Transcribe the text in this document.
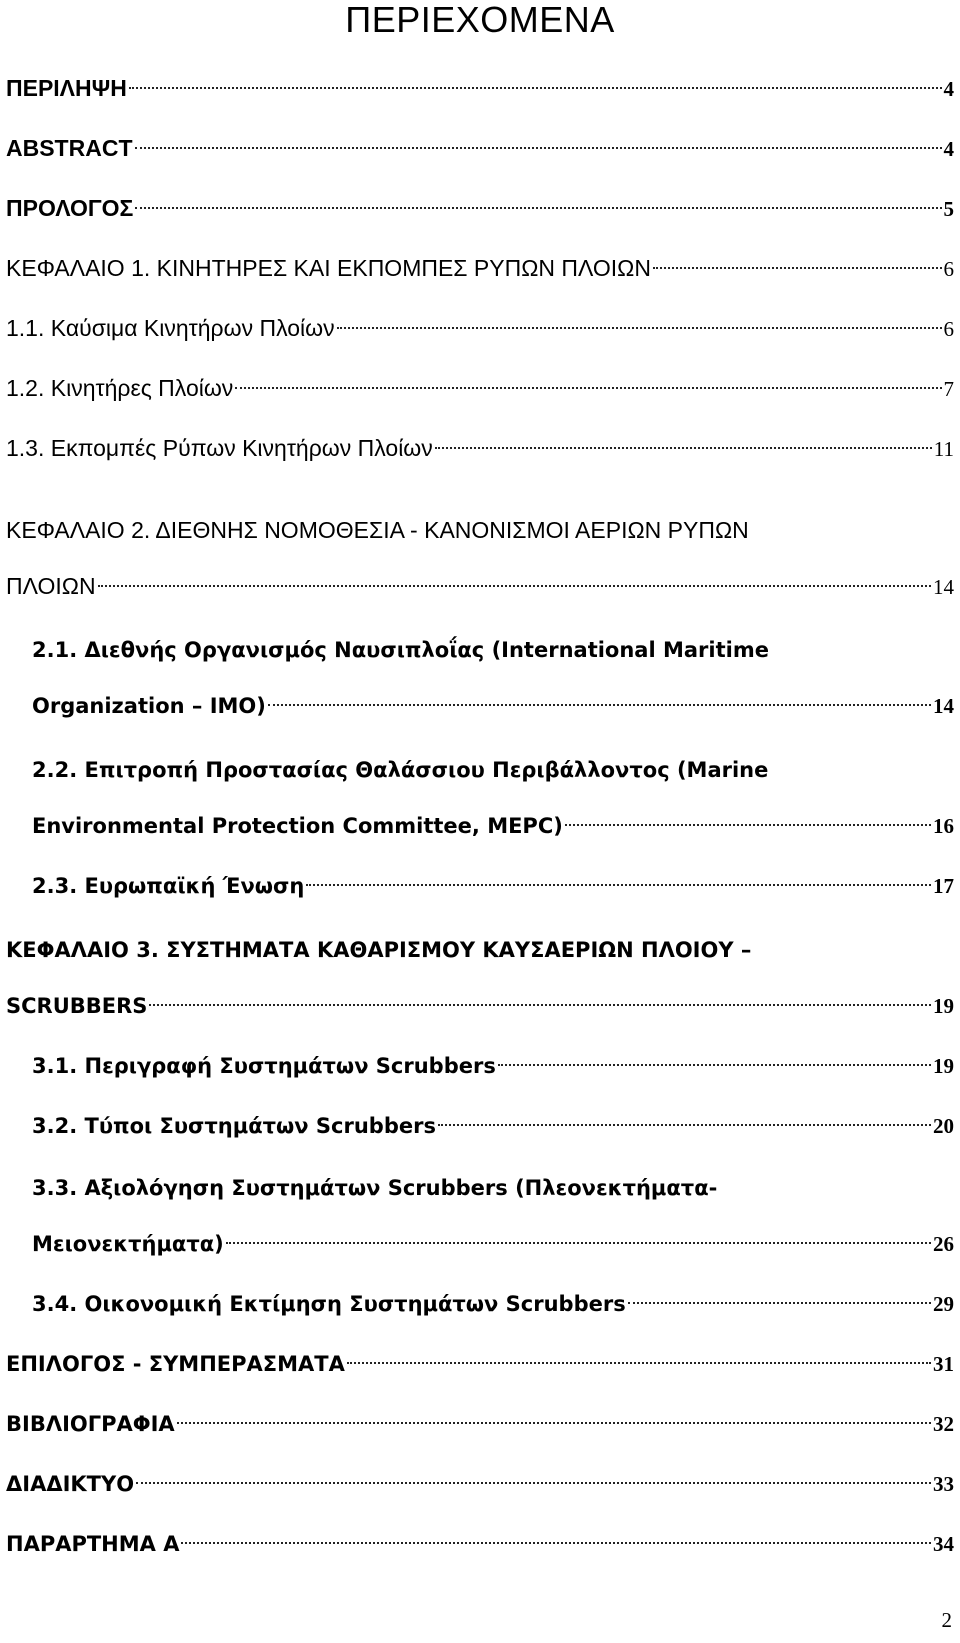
ΠΕΡΙΕΧΟΜΕΝΑ
ΠΕΡΙΛΗΨΗ	4
ABSTRACT	4
ΠΡΟΛΟΓΟΣ	5
ΚΕΦΑΛΑΙΟ 1. ΚΙΝΗΤΗΡΕΣ ΚΑΙ ΕΚΠΟΜΠΕΣ ΡΥΠΩΝ ΠΛΟΙΩΝ	6
1.1. Καύσιμα Κινητήρων Πλοίων	6
1.2. Κινητήρες Πλοίων	7
1.3. Εκπομπές Ρύπων Κινητήρων Πλοίων	11
ΚΕΦΑΛΑΙΟ 2. ΔΙΕΘΝΗΣ ΝΟΜΟΘΕΣΙΑ - ΚΑΝΟΝΙΣΜΟΙ ΑΕΡΙΩΝ ΡΥΠΩΝ
ΠΛΟΙΩΝ	14
2.1. Διεθνής Οργανισμός Ναυσιπλοΐας (International Maritime
Organization – IMO)	14
2.2. Επιτροπή Προστασίας Θαλάσσιου Περιβάλλοντος (Marine
Environmental Protection Committee, MEPC)	16
2.3. Ευρωπαϊκή Ένωση	17
ΚΕΦΑΛΑΙΟ 3. ΣΥΣΤΗΜΑΤΑ ΚΑΘΑΡΙΣΜΟΥ ΚΑΥΣΑΕΡΙΩΝ ΠΛΟΙΟΥ –
SCRUBBERS	19
3.1. Περιγραφή Συστημάτων Scrubbers	19
3.2. Τύποι Συστημάτων Scrubbers	20
3.3. Αξιολόγηση Συστημάτων Scrubbers (Πλεονεκτήματα-
Μειονεκτήματα)	26
3.4. Οικονομική Εκτίμηση Συστημάτων Scrubbers	29
ΕΠΙΛΟΓΟΣ - ΣΥΜΠΕΡΑΣΜΑΤΑ	31
ΒΙΒΛΙΟΓΡΑΦΙΑ	32
ΔΙΑΔΙΚΤΥΟ	33
ΠΑΡΑΡΤΗΜΑ Α	34
2
